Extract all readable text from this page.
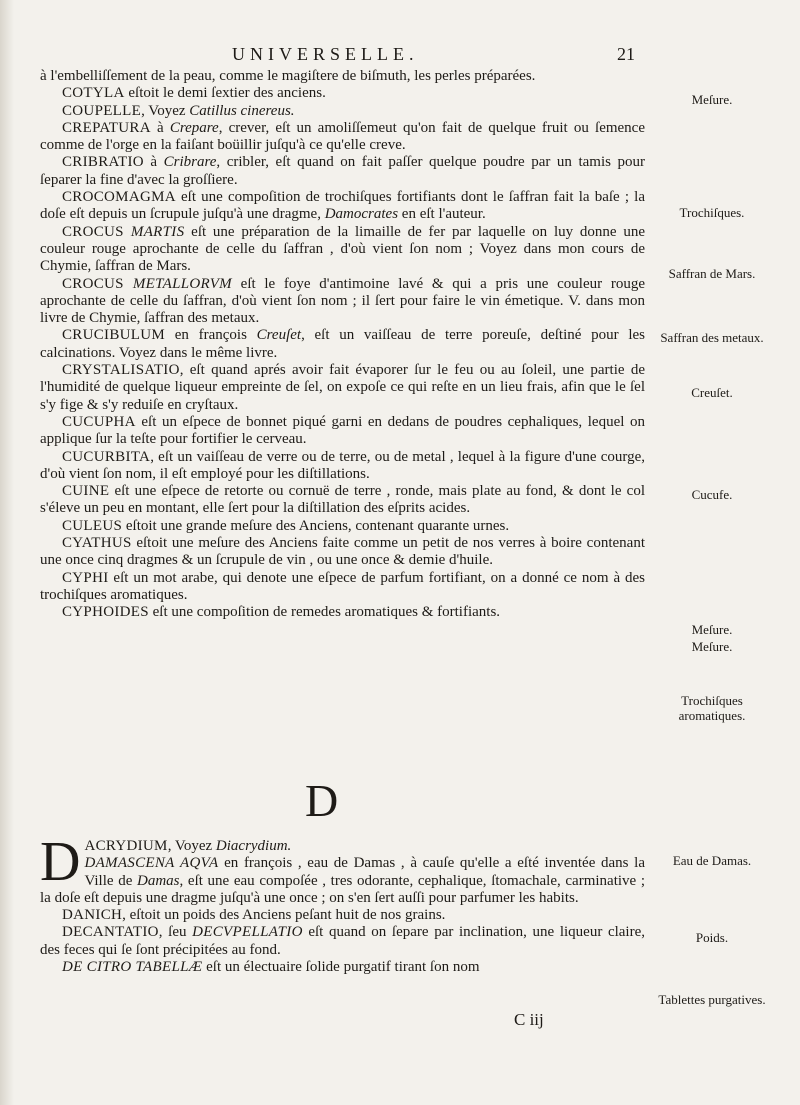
UNIVERSELLE.	21

à l'embelliſſement de la peau, comme le magiſtere de biſmuth, les perles préparées.

COTYLA eſtoit le demi ſextier des anciens.

COUPELLE, Voyez Catillus cinereus.

CREPATURA à Crepare, crever, eſt un amoliſſemeut qu'on fait de quelque fruit ou ſemence comme de l'orge en la faiſant boüillir juſqu'à ce qu'elle creve.

CRIBRATIO à Cribrare, cribler, eſt quand on fait paſſer quelque poudre par un tamis pour ſeparer la fine d'avec la groſſiere.

CROCOMAGMA eſt une compoſition de trochiſques fortifiants dont le ſaffran fait la baſe ; la doſe eſt depuis un ſcrupule juſqu'à une dragme, Damocrates en eſt l'auteur.

CROCUS MARTIS eſt une préparation de la limaille de fer par laquelle on luy donne une couleur rouge aprochante de celle du ſaffran , d'où vient ſon nom ; Voyez dans mon cours de Chymie, ſaffran de Mars.

CROCUS METALLORVM eſt le foye d'antimoine lavé & qui a pris une couleur rouge aprochante de celle du ſaffran, d'où vient ſon nom ; il ſert pour faire le vin émetique. V. dans mon livre de Chymie, ſaffran des metaux.

CRUCIBULUM en françois Creuſet, eſt un vaiſſeau de terre poreuſe, deſtiné pour les calcinations. Voyez dans le même livre.

CRYSTALISATIO, eſt quand aprés avoir fait évaporer ſur le feu ou au ſoleil, une partie de l'humidité de quelque liqueur empreinte de ſel, on expoſe ce qui reſte en un lieu frais, afin que le ſel s'y fige & s'y reduiſe en cryſtaux.

CUCUPHA eſt un eſpece de bonnet piqué garni en dedans de poudres cephaliques, lequel on applique ſur la teſte pour fortifier le cerveau.

CUCURBITA, eſt un vaiſſeau de verre ou de terre, ou de metal , lequel à la figure d'une courge, d'où vient ſon nom, il eſt employé pour les diſtillations.

CUINE eſt une eſpece de retorte ou cornuë de terre , ronde, mais plate au fond, & dont le col s'éleve un peu en montant, elle ſert pour la diſtillation des eſprits acides.

CULEUS eſtoit une grande meſure des Anciens, contenant quarante urnes.

CYATHUS eſtoit une meſure des Anciens faite comme un petit de nos verres à boire contenant une once cinq dragmes & un ſcrupule de vin , ou une once & demie d'huile.

CYPHI eſt un mot arabe, qui denote une eſpece de parfum fortifiant, on a donné ce nom à des trochiſques aromatiques.

CYPHOIDES eſt une compoſition de remedes aromatiques & fortifiants.

D

DACRYDIUM, Voyez Diacrydium.

DAMASCENA AQVA en françois , eau de Damas , à cauſe qu'elle a eſté inventée dans la Ville de Damas, eſt une eau compoſée , tres odorante, cephalique, ſtomachale, carminative ; la doſe eſt depuis une dragme juſqu'à une once ; on s'en ſert auſſi pour parfumer les habits.

DANICH, eſtoit un poids des Anciens peſant huit de nos grains.

DECANTATIO, ſeu DECVPELLATIO eſt quand on ſepare par inclination, une liqueur claire, des feces qui ſe ſont précipitées au fond.

DE CITRO TABELLÆ eſt un électuaire ſolide purgatif tirant ſon nom

C iij
Meſure.
Trochiſques.
Saffran de Mars.
Saffran des metaux.
Creuſet.
Cucufe.
Meſure.
Meſure.
Trochiſques aromatiques.
Eau de Damas.
Poids.
Tablettes purgatives.
